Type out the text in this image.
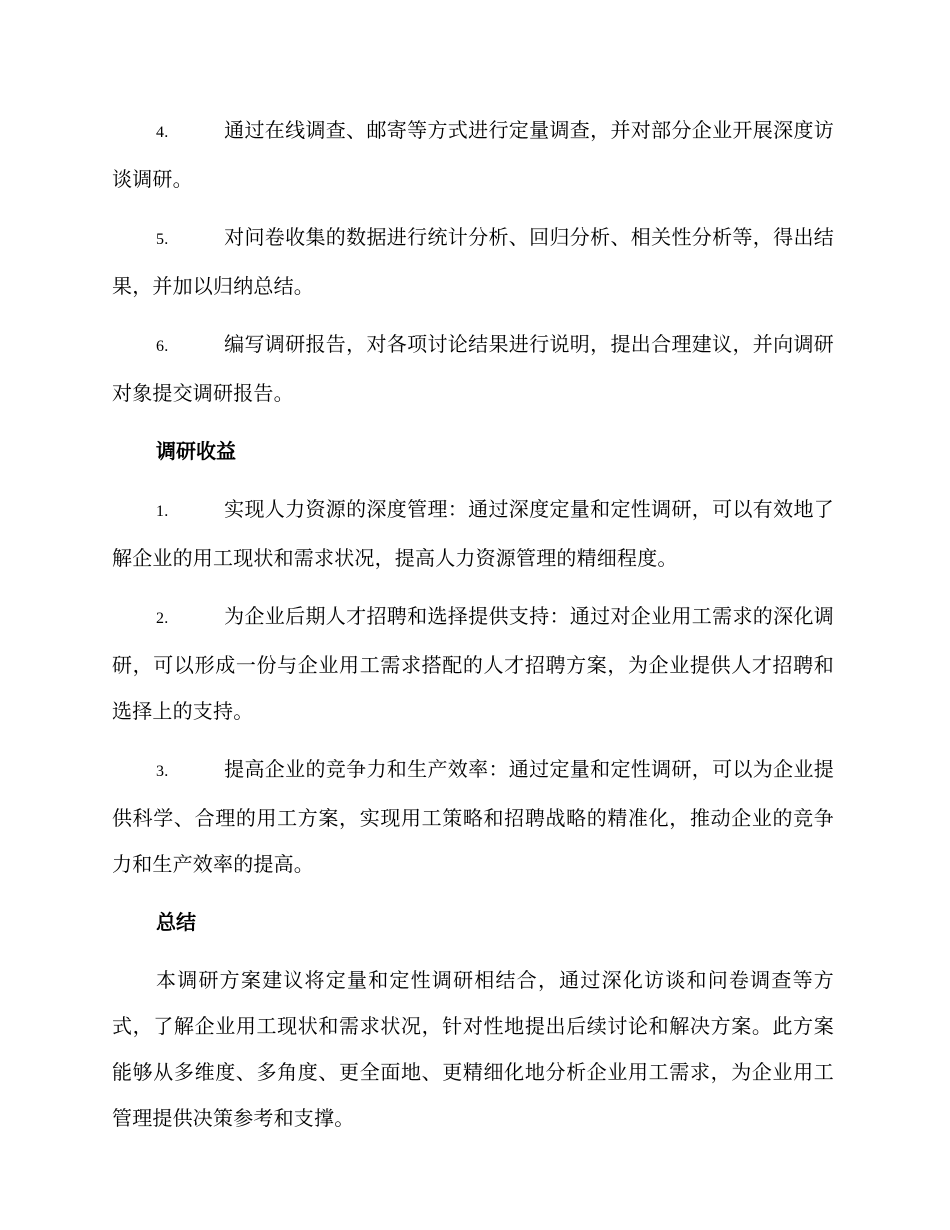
4.	通过在线调查、邮寄等方式进行定量调查，并对部分企业开展深度访谈调研。

5.	对问卷收集的数据进行统计分析、回归分析、相关性分析等，得出结果，并加以归纳总结。

6.	编写调研报告，对各项讨论结果进行说明，提出合理建议，并向调研对象提交调研报告。

调研收益

1.	实现人力资源的深度管理：通过深度定量和定性调研，可以有效地了解企业的用工现状和需求状况，提高人力资源管理的精细程度。

2.	为企业后期人才招聘和选择提供支持：通过对企业用工需求的深化调研，可以形成一份与企业用工需求搭配的人才招聘方案，为企业提供人才招聘和选择上的支持。

3.	提高企业的竞争力和生产效率：通过定量和定性调研，可以为企业提供科学、合理的用工方案，实现用工策略和招聘战略的精准化，推动企业的竞争力和生产效率的提高。

总结

本调研方案建议将定量和定性调研相结合，通过深化访谈和问卷调查等方式，了解企业用工现状和需求状况，针对性地提出后续讨论和解决方案。此方案能够从多维度、多角度、更全面地、更精细化地分析企业用工需求，为企业用工管理提供决策参考和支撑。
